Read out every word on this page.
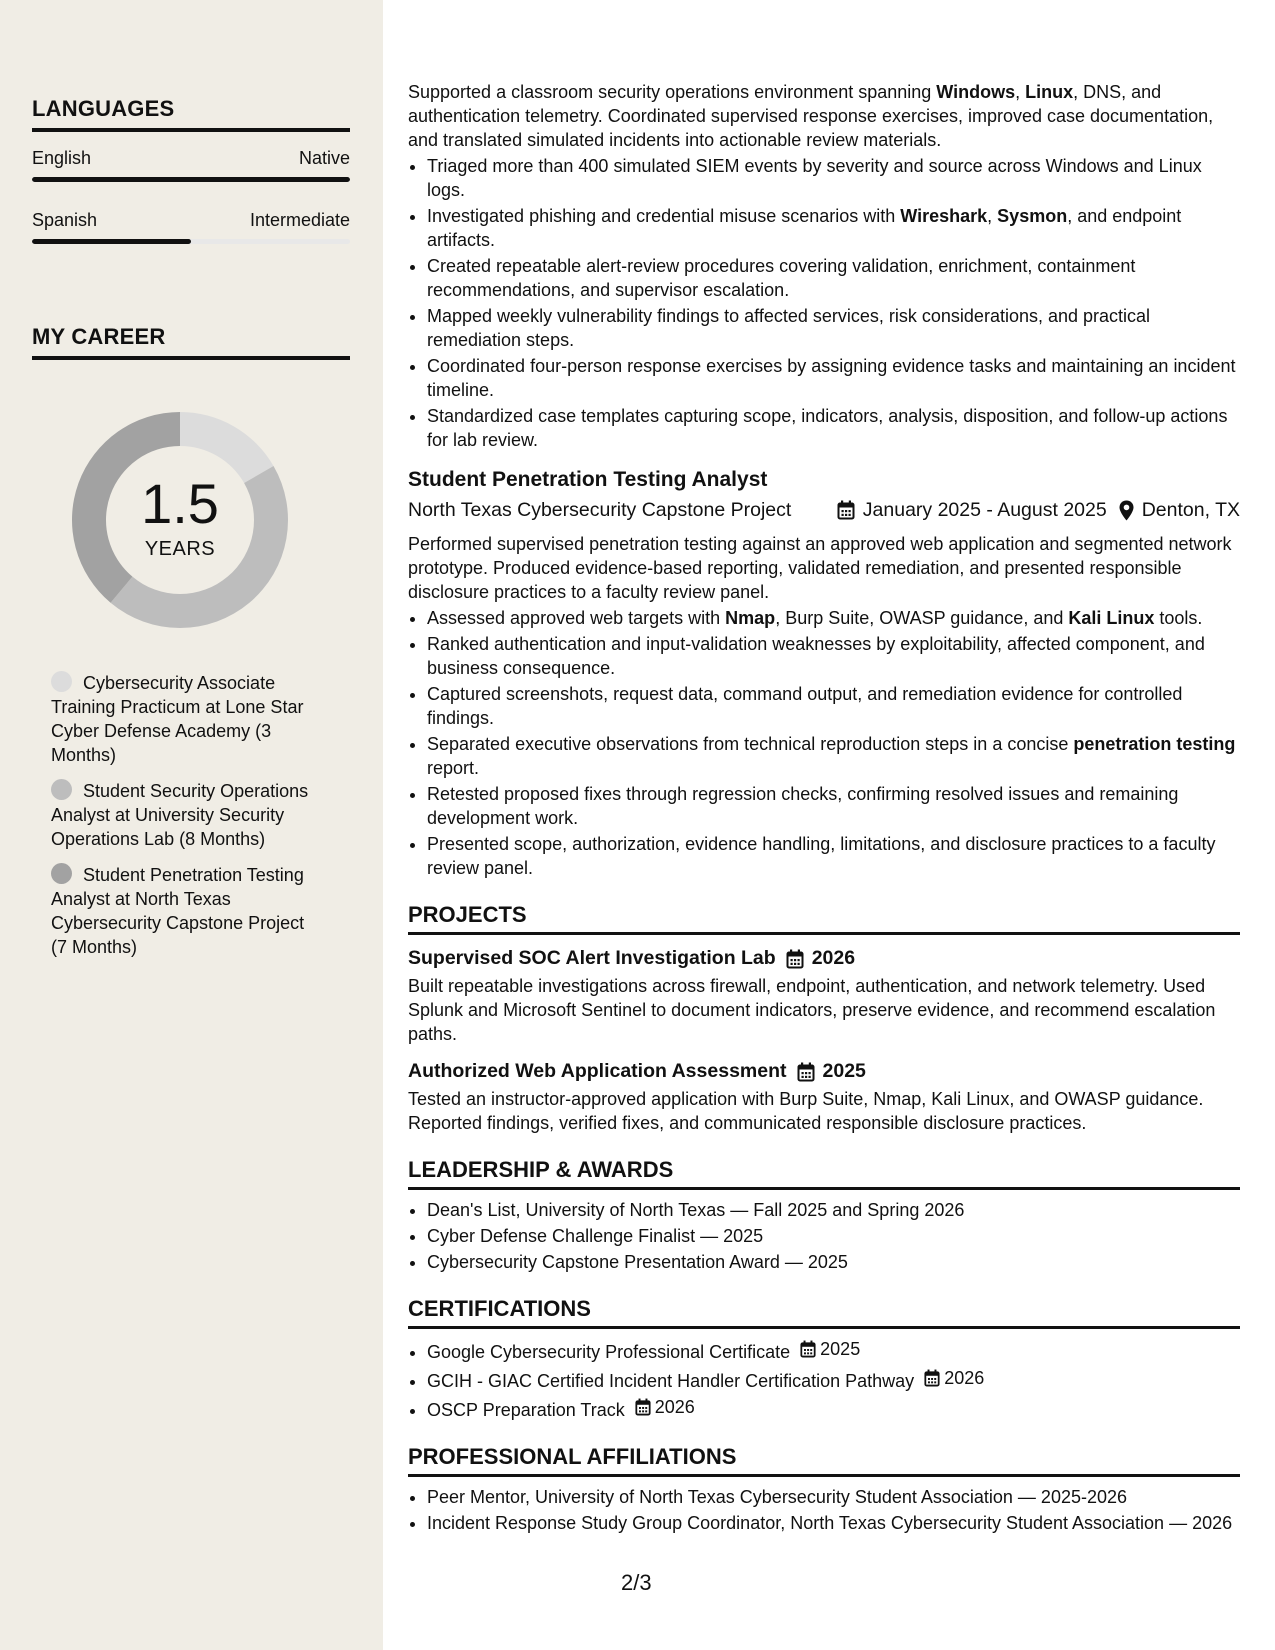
LANGUAGES
English	Native
Spanish	Intermediate
MY CAREER
1.5
YEARS
Cybersecurity Associate Training Practicum at Lone Star Cyber Defense Academy (3 Months)
Student Security Operations Analyst at University Security Operations Lab (8 Months)
Student Penetration Testing Analyst at North Texas Cybersecurity Capstone Project (7 Months)

Supported a classroom security operations environment spanning Windows, Linux, DNS, and authentication telemetry. Coordinated supervised response exercises, improved case documentation, and translated simulated incidents into actionable review materials.

• Triaged more than 400 simulated SIEM events by severity and source across Windows and Linux logs.
• Investigated phishing and credential misuse scenarios with Wireshark, Sysmon, and endpoint artifacts.
• Created repeatable alert-review procedures covering validation, enrichment, containment recommendations, and supervisor escalation.
• Mapped weekly vulnerability findings to affected services, risk considerations, and practical remediation steps.
• Coordinated four-person response exercises by assigning evidence tasks and maintaining an incident timeline.
• Standardized case templates capturing scope, indicators, analysis, disposition, and follow-up actions for lab review.
Student Penetration Testing Analyst
North Texas Cybersecurity Capstone Project	January 2025 - August 2025 Denton, TX

Performed supervised penetration testing against an approved web application and segmented network prototype. Produced evidence-based reporting, validated remediation, and presented responsible disclosure practices to a faculty review panel.

• Assessed approved web targets with Nmap, Burp Suite, OWASP guidance, and Kali Linux tools.
• Ranked authentication and input-validation weaknesses by exploitability, affected component, and business consequence.
• Captured screenshots, request data, command output, and remediation evidence for controlled findings.
• Separated executive observations from technical reproduction steps in a concise penetration testing report.
• Retested proposed fixes through regression checks, confirming resolved issues and remaining development work.
• Presented scope, authorization, evidence handling, limitations, and disclosure practices to a faculty review panel.
PROJECTS
Supervised SOC Alert Investigation Lab 2026

Built repeatable investigations across firewall, endpoint, authentication, and network telemetry. Used Splunk and Microsoft Sentinel to document indicators, preserve evidence, and recommend escalation paths.

Authorized Web Application Assessment 2025

Tested an instructor-approved application with Burp Suite, Nmap, Kali Linux, and OWASP guidance. Reported findings, verified fixes, and communicated responsible disclosure practices.

LEADERSHIP & AWARDS
• Dean's List, University of North Texas — Fall 2025 and Spring 2026
• Cyber Defense Challenge Finalist — 2025
• Cybersecurity Capstone Presentation Award — 2025
CERTIFICATIONS
• Google Cybersecurity Professional Certificate 2025
• GCIH - GIAC Certified Incident Handler Certification Pathway 2026
• OSCP Preparation Track 2026
PROFESSIONAL AFFILIATIONS
• Peer Mentor, University of North Texas Cybersecurity Student Association — 2025-2026
• Incident Response Study Group Coordinator, North Texas Cybersecurity Student Association — 2026
2/3
